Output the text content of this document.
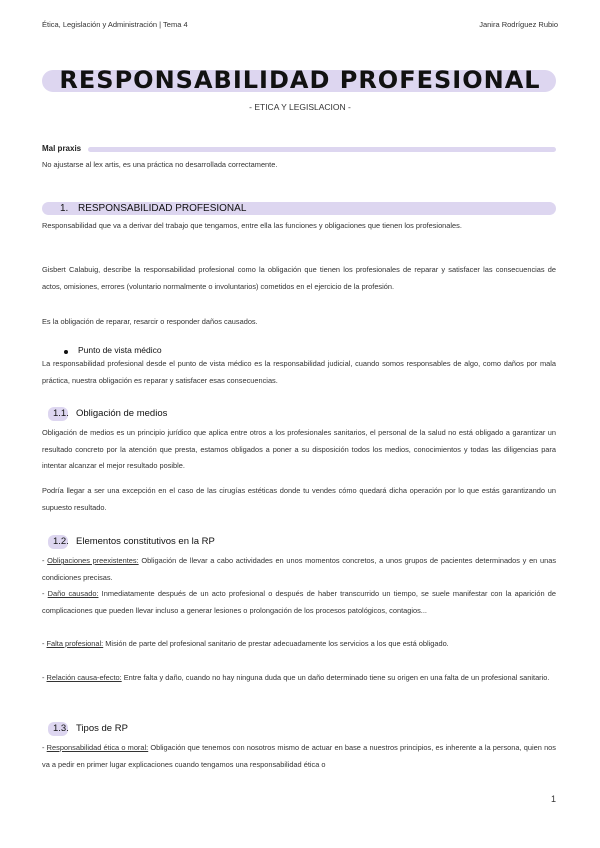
Ética, Legislación y Administración | Tema 4	Janira Rodríguez Rubio
RESPONSABILIDAD PROFESIONAL
- ETICA Y LEGISLACION -
Mal praxis
No ajustarse al lex artis, es una práctica no desarrollada correctamente.
1. RESPONSABILIDAD PROFESIONAL
Responsabilidad que va a derivar del trabajo que tengamos, entre ella las funciones y obligaciones que tienen los profesionales.
Gisbert Calabuig, describe la responsabilidad profesional como la obligación que tienen los profesionales de reparar y satisfacer las consecuencias de actos, omisiones, errores (voluntario normalmente o involuntarios) cometidos en el ejercicio de la profesión.
Es la obligación de reparar, resarcir o responder daños causados.
Punto de vista médico
La responsabilidad profesional desde el punto de vista médico es la responsabilidad judicial, cuando somos responsables de algo, como daños por mala práctica, nuestra obligación es reparar y satisfacer esas consecuencias.
1.1. Obligación de medios
Obligación de medios es un principio jurídico que aplica entre otros a los profesionales sanitarios, el personal de la salud no está obligado a garantizar un resultado concreto por la atención que presta, estamos obligados a poner a su disposición todos los medios, conocimientos y todas las diligencias para intentar alcanzar el mejor resultado posible.
Podría llegar a ser una excepción en el caso de las cirugías estéticas donde tu vendes cómo quedará dicha operación por lo que estás garantizando un supuesto resultado.
1.2. Elementos constitutivos en la RP
- Obligaciones preexistentes: Obligación de llevar a cabo actividades en unos momentos concretos, a unos grupos de pacientes determinados y en unas condiciones precisas.
- Daño causado: Inmediatamente después de un acto profesional o después de haber transcurrido un tiempo, se suele manifestar con la aparición de complicaciones que pueden llevar incluso a generar lesiones o prolongación de los procesos patológicos, contagios...
- Falta profesional: Misión de parte del profesional sanitario de prestar adecuadamente los servicios a los que está obligado.
- Relación causa-efecto: Entre falta y daño, cuando no hay ninguna duda que un daño determinado tiene su origen en una falta de un profesional sanitario.
1.3. Tipos de RP
- Responsabilidad ética o moral: Obligación que tenemos con nosotros mismo de actuar en base a nuestros principios, es inherente a la persona, quien nos va a pedir en primer lugar explicaciones cuando tengamos una responsabilidad ética o
1
